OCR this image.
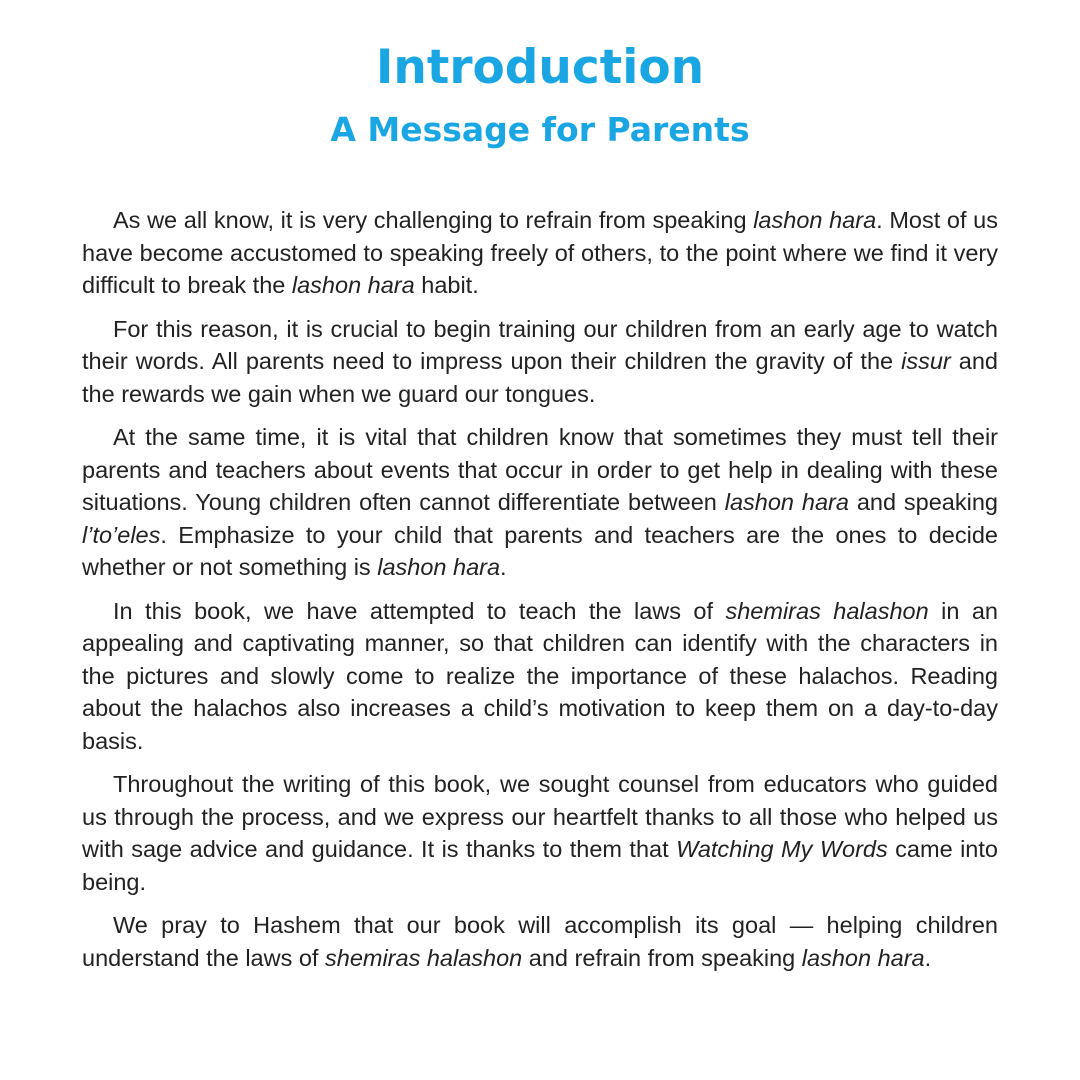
Introduction
A Message for Parents

As we all know, it is very challenging to refrain from speaking lashon hara. Most of us have become accustomed to speaking freely of others, to the point where we find it very difficult to break the lashon hara habit.

For this reason, it is crucial to begin training our children from an early age to watch their words. All parents need to impress upon their children the gravity of the issur and the rewards we gain when we guard our tongues.

At the same time, it is vital that children know that sometimes they must tell their parents and teachers about events that occur in order to get help in dealing with these situations. Young children often cannot differentiate between lashon hara and speaking l’to’eles. Emphasize to your child that parents and teachers are the ones to decide whether or not something is lashon hara.

In this book, we have attempted to teach the laws of shemiras halashon in an appealing and captivating manner, so that children can identify with the characters in the pictures and slowly come to realize the importance of these halachos. Reading about the halachos also increases a child’s motivation to keep them on a day-to-day basis.

Throughout the writing of this book, we sought counsel from educators who guided us through the process, and we express our heartfelt thanks to all those who helped us with sage advice and guidance. It is thanks to them that Watching My Words came into being.

We pray to Hashem that our book will accomplish its goal — helping children understand the laws of shemiras halashon and refrain from speaking lashon hara.
